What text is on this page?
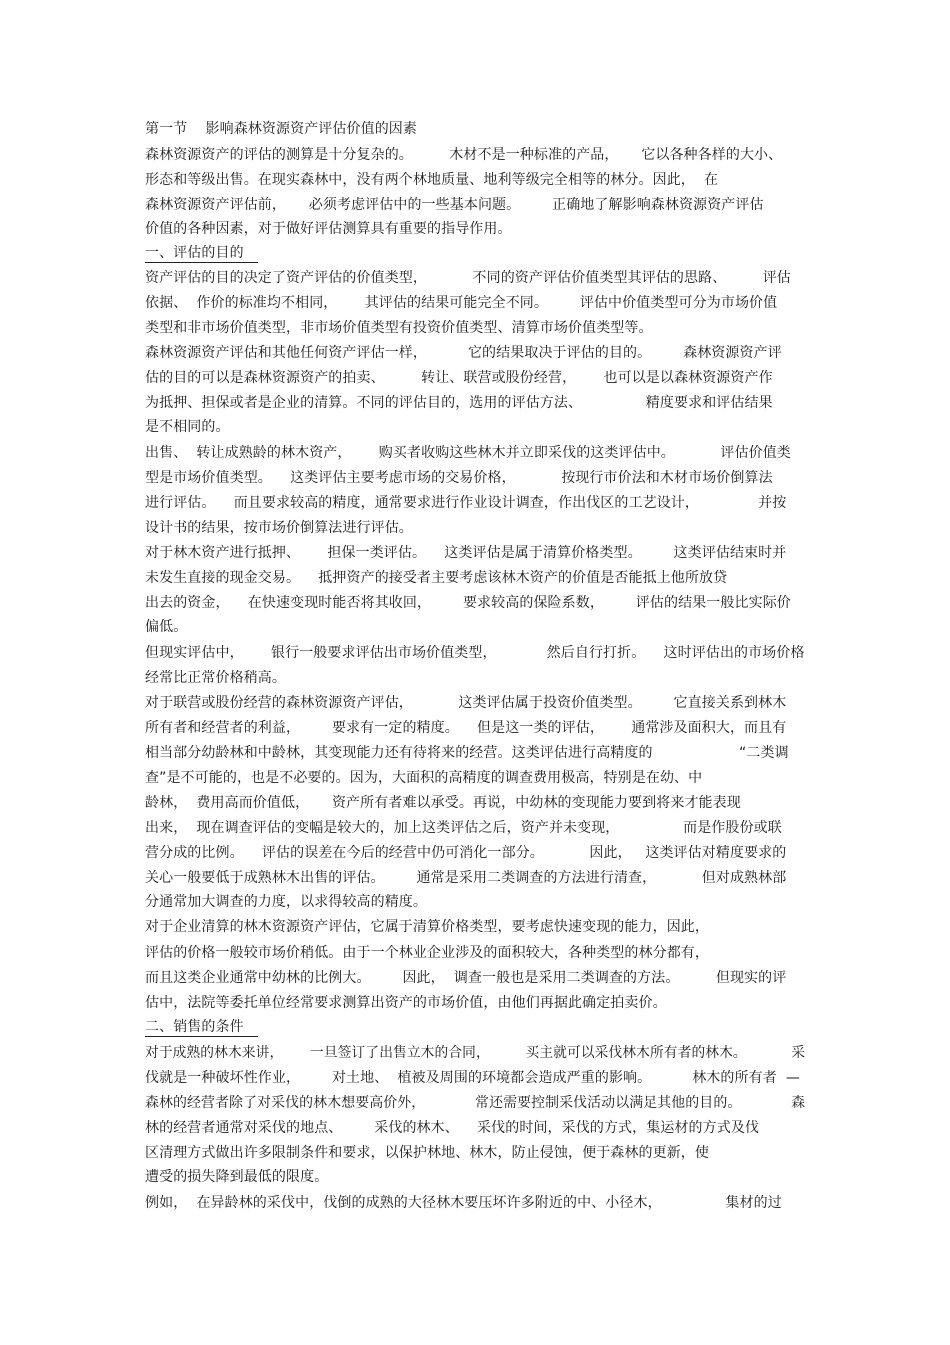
第一节    影响森林资源资产评估价值的因素
森林资源资产的评估的测算是十分复杂的。        木材不是一种标准的产品，     它以各种各样的大小、
形态和等级出售。在现实森林中，没有两个林地质量、地利等级完全相等的林分。因此，  在
森林资源资产评估前，     必须考虑评估中的一些基本问题。       正确地了解影响森林资源资产评估
价值的各种因素，对于做好评估测算具有重要的指导作用。
一、评估的目的
资产评估的目的决定了资产评估的价值类型，          不同的资产评估价值类型其评估的思路、        评估
依据、  作价的标准均不相同，      其评估的结果可能完全不同。       评估中价值类型可分为市场价值
类型和非市场价值类型，非市场价值类型有投资价值类型、清算市场价值类型等。
森林资源资产评估和其他任何资产评估一样，         它的结果取决于评估的目的。       森林资源资产评
估的目的可以是森林资源资产的拍卖、        转让、联营或股份经营，      也可以是以森林资源资产作
为抵押、担保或者是企业的清算。不同的评估目的，选用的评估方法、              精度要求和评估结果
是不相同的。
出售、  转让成熟龄的林木资产，      购买者收购这些林木并立即采伐的这类评估中。          评估价值类
型是市场价值类型。    这类评估主要考虑市场的交易价格，          按现行市价法和木材市场价倒算法
进行评估。    而且要求较高的精度，通常要求进行作业设计调查，作出伐区的工艺设计，             并按
设计书的结果，按市场价倒算法进行评估。
对于林木资产进行抵押、      担保一类评估。    这类评估是属于清算价格类型。       这类评估结束时并
未发生直接的现金交易。    抵押资产的接受者主要考虑该林木资产的价值是否能抵上他所放贷
出去的资金，    在快速变现时能否将其收回，       要求较高的保险系数，       评估的结果一般比实际价
偏低。
但现实评估中，      银行一般要求评估出市场价值类型，           然后自行打折。    这时评估出的市场价格
经常比正常价格稍高。
对于联营或股份经营的森林资源资产评估，          这类评估属于投资价值类型。       它直接关系到林木
所有者和经营者的利益，       要求有一定的精度。    但是这一类的评估，      通常涉及面积大，而且有
相当部分幼龄林和中龄林，其变现能力还有待将来的经营。这类评估进行高精度的                   “二类调
查”是不可能的，也是不必要的。因为，大面积的高精度的调查费用极高，特别是在幼、中
龄林，  费用高而价值低，     资产所有者难以承受。再说，中幼林的变现能力要到将来才能表现
出来，  现在调查评估的变幅是较大的，加上这类评估之后，资产并未变现，              而是作股份或联
营分成的比例。    评估的误差在今后的经营中仍可消化一部分。          因此，   这类评估对精度要求的
关心一般要低于成熟林木出售的评估。       通常是采用二类调查的方法进行清查，          但对成熟林部
分通常加大调查的力度，以求得较高的精度。
对于企业清算的林木资源资产评估，它属于清算价格类型，要考虑快速变现的能力，因此，
评估的价格一般较市场价稍低。由于一个林业企业涉及的面积较大，各种类型的林分都有，
而且这类企业通常中幼林的比例大。       因此，  调查一般也是采用二类调查的方法。        但现实的评
估中，法院等委托单位经常要求测算出资产的市场价值，由他们再据此确定拍卖价。
二、销售的条件
对于成熟的林木来讲，      一旦签订了出售立木的合同，        买主就可以采伐林木所有者的林木。          采
伐就是一种破坏性作业，       对土地、  植被及周围的环境都会造成严重的影响。         林木的所有者  —
森林的经营者除了对采伐的林木想要高价外，           常还需要控制采伐活动以满足其他的目的。           森
林的经营者通常对采伐的地点、       采伐的林木、    采伐的时间，采伐的方式，集运材的方式及伐
区清理方式做出许多限制条件和要求，以保护林地、林木，防止侵蚀，便于森林的更新，使
遭受的损失降到最低的限度。
例如，  在异龄林的采伐中，伐倒的成熟的大径林木要压坏许多附近的中、小径木，              集材的过
